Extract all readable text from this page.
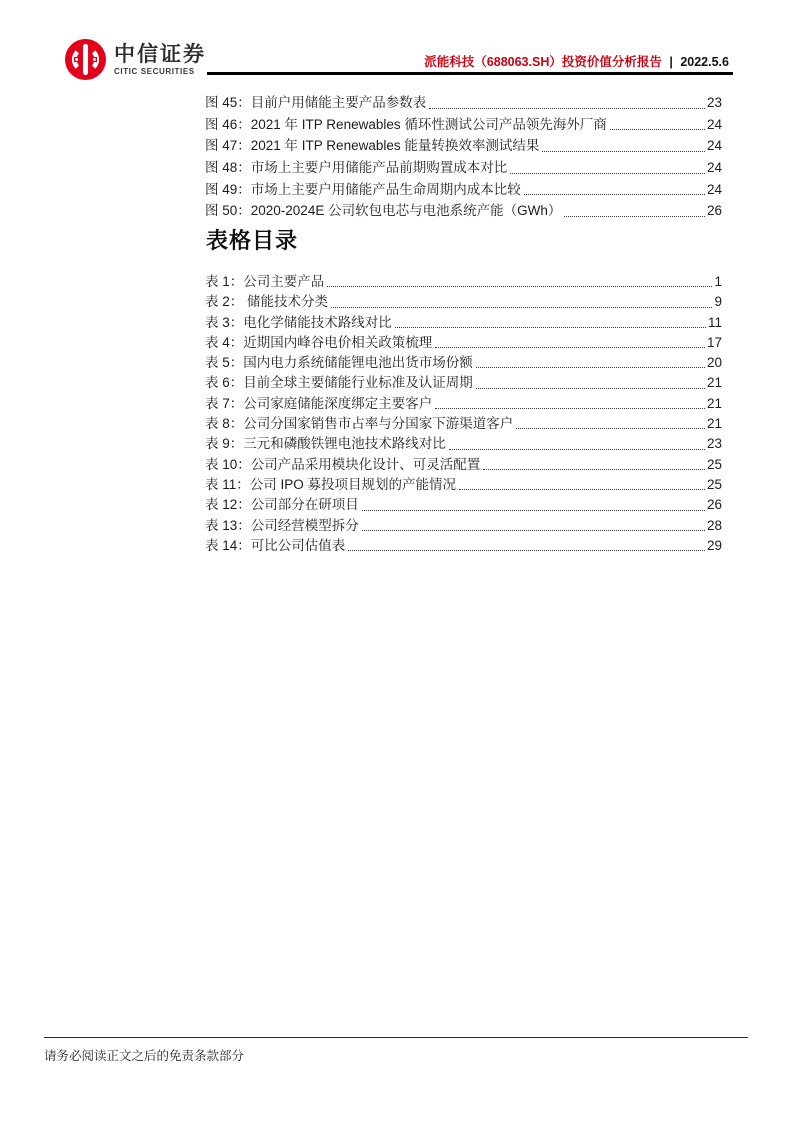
中信证券
CITIC SECURITIES
派能科技（688063.SH）投资价值分析报告 | 2022.5.6
图 45：目前户用储能主要产品参数表	23
图 46：2021 年 ITP Renewables 循环性测试公司产品领先海外厂商	24
图 47：2021 年 ITP Renewables 能量转换效率测试结果	24
图 48：市场上主要户用储能产品前期购置成本对比	24
图 49：市场上主要户用储能产品生命周期内成本比较	24
图 50：2020-2024E 公司软包电芯与电池系统产能（GWh）	26
表格目录
表 1：公司主要产品	1
表 2： 储能技术分类	9
表 3：电化学储能技术路线对比	11
表 4：近期国内峰谷电价相关政策梳理	17
表 5：国内电力系统储能锂电池出货市场份额	20
表 6：目前全球主要储能行业标准及认证周期	21
表 7：公司家庭储能深度绑定主要客户	21
表 8：公司分国家销售市占率与分国家下游渠道客户	21
表 9：三元和磷酸铁锂电池技术路线对比	23
表 10：公司产品采用模块化设计、可灵活配置	25
表 11：公司 IPO 募投项目规划的产能情况	25
表 12：公司部分在研项目	26
表 13：公司经营模型拆分	28
表 14：可比公司估值表	29
请务必阅读正文之后的免责条款部分
